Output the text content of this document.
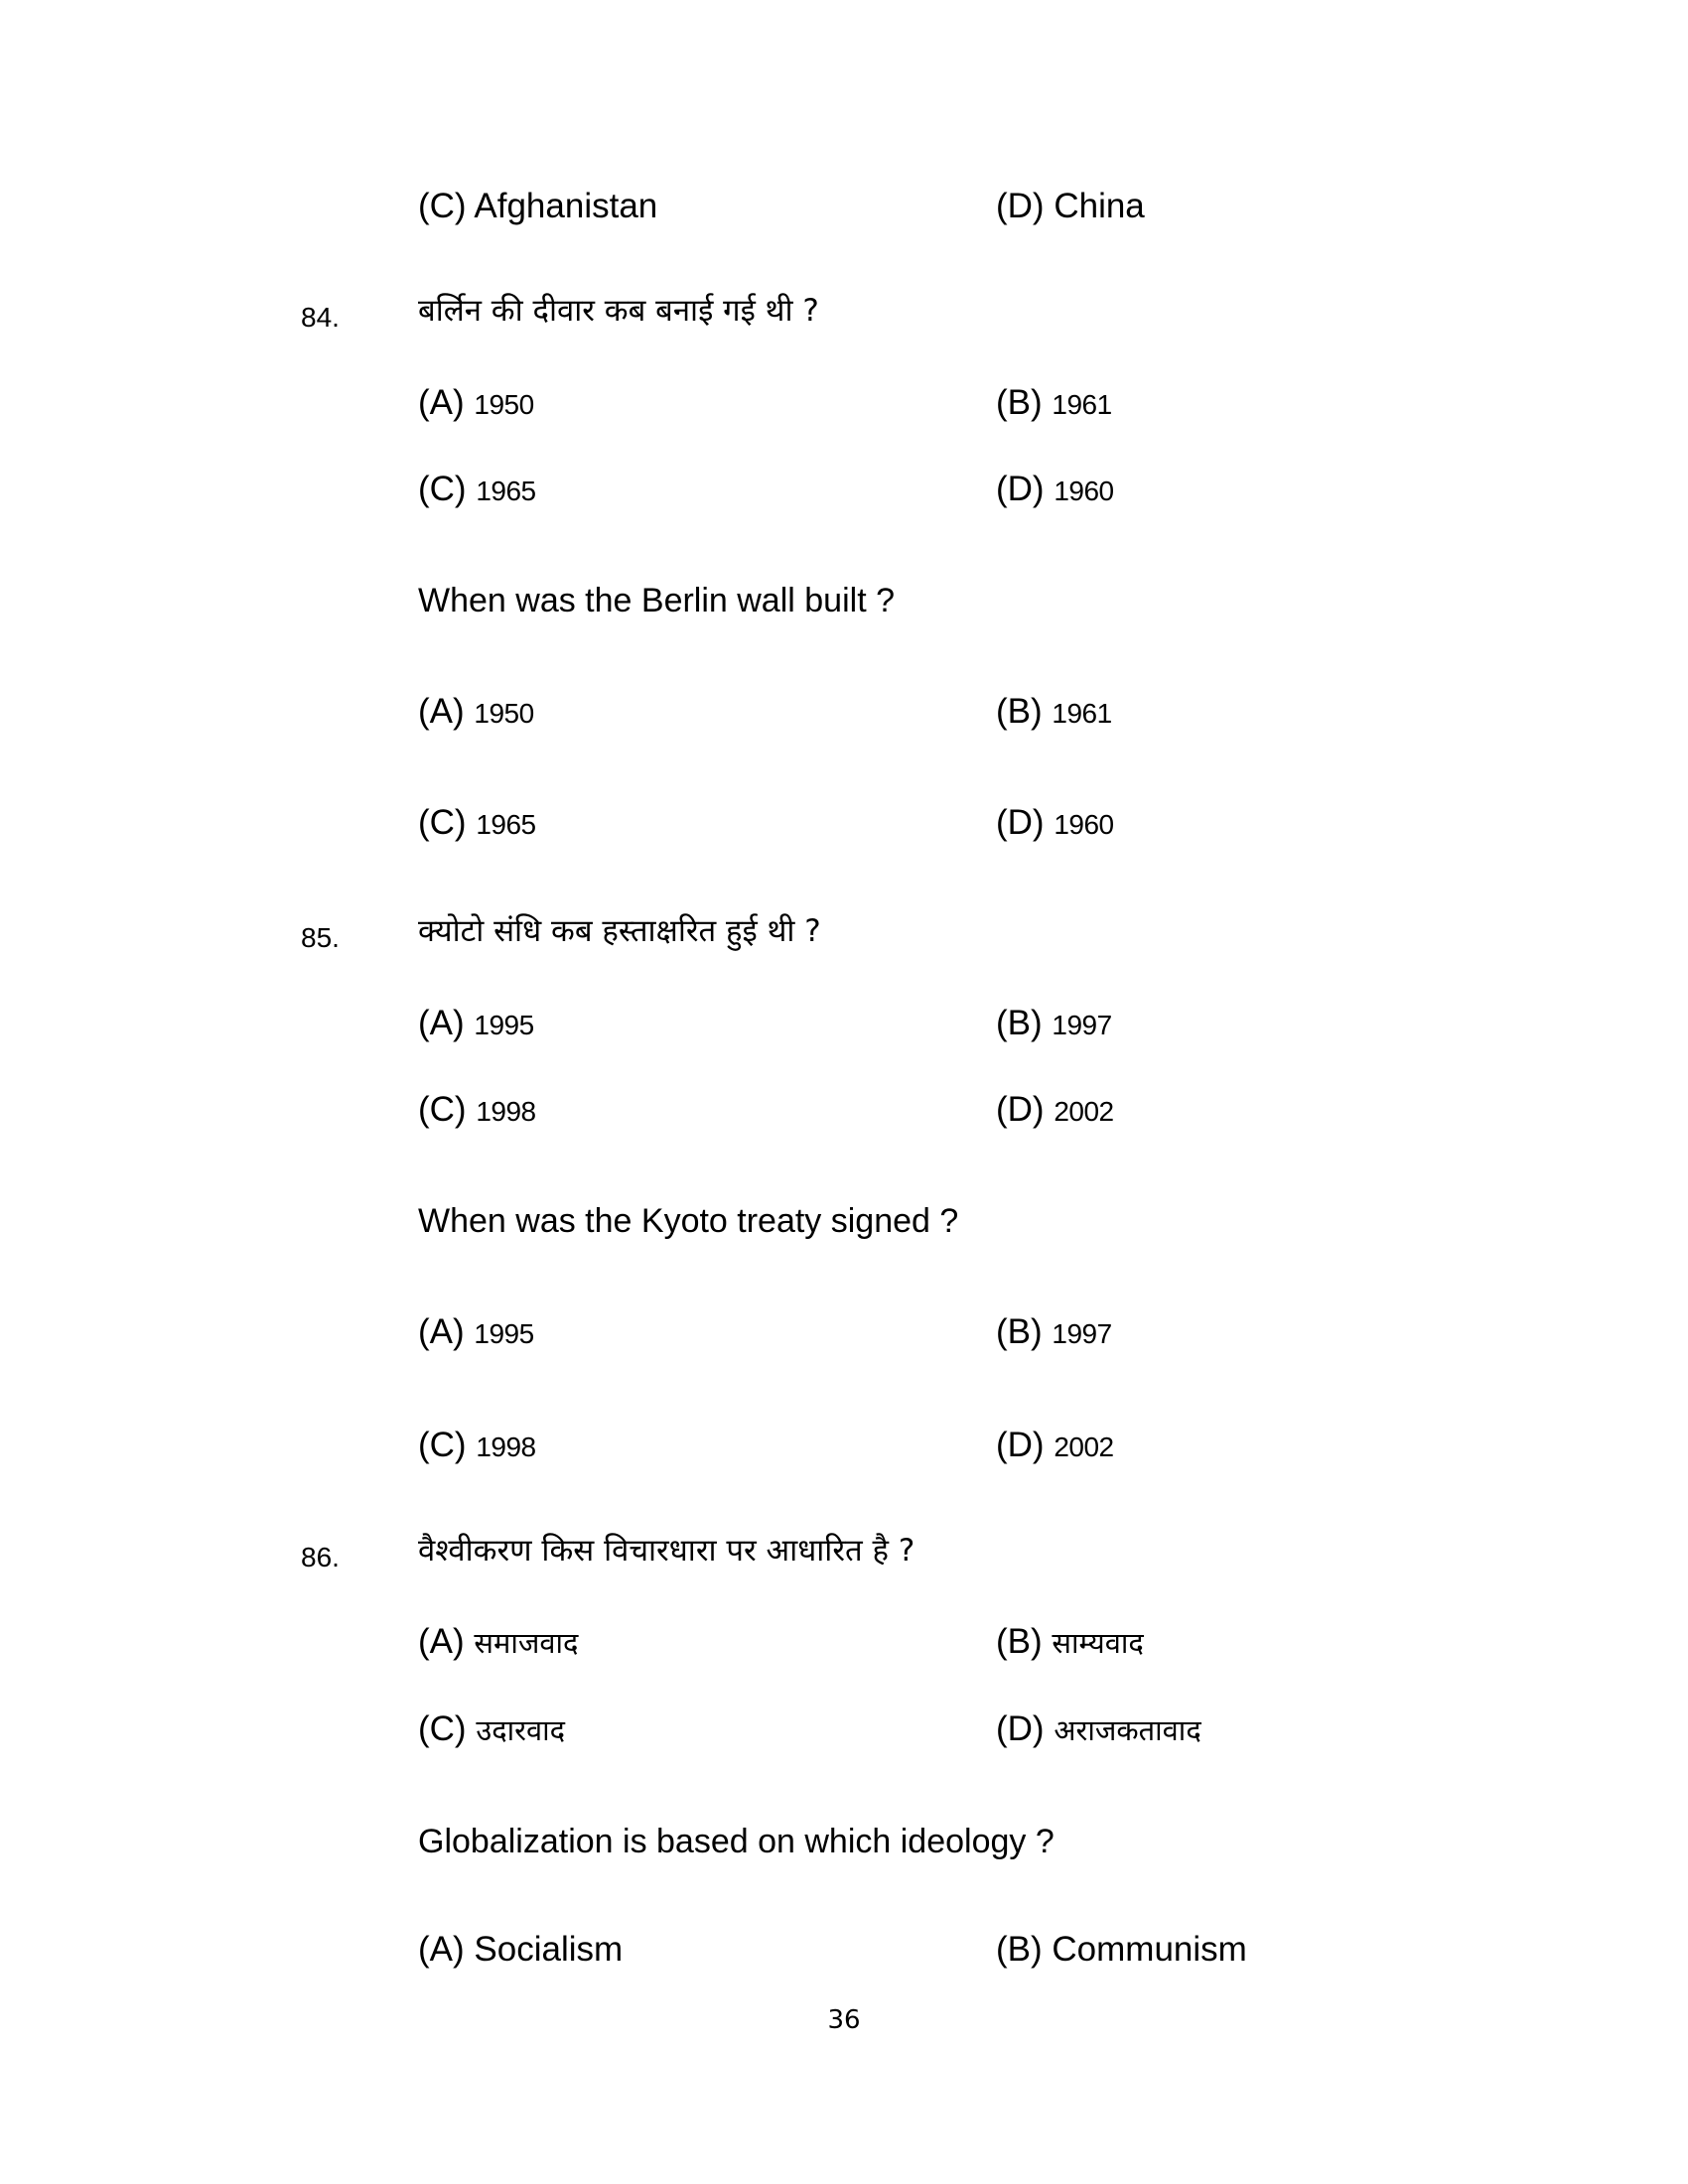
(C) Afghanistan	(D) China
84.	बर्लिन की दीवार कब बनाई गई थी ?
(A) 1950	(B) 1961
(C) 1965	(D) 1960
When was the Berlin wall built ?
(A) 1950	(B) 1961
(C) 1965	(D) 1960
85.	क्योटो संधि कब हस्ताक्षरित हुई थी ?
(A) 1995	(B) 1997
(C) 1998	(D) 2002
When was the Kyoto treaty signed ?
(A) 1995	(B) 1997
(C) 1998	(D) 2002
86.	वैश्वीकरण किस विचारधारा पर आधारित है ?
(A) समाजवाद	(B) साम्यवाद
(C) उदारवाद	(D) अराजकतावाद
Globalization is based on which ideology ?
(A) Socialism	(B) Communism
36
